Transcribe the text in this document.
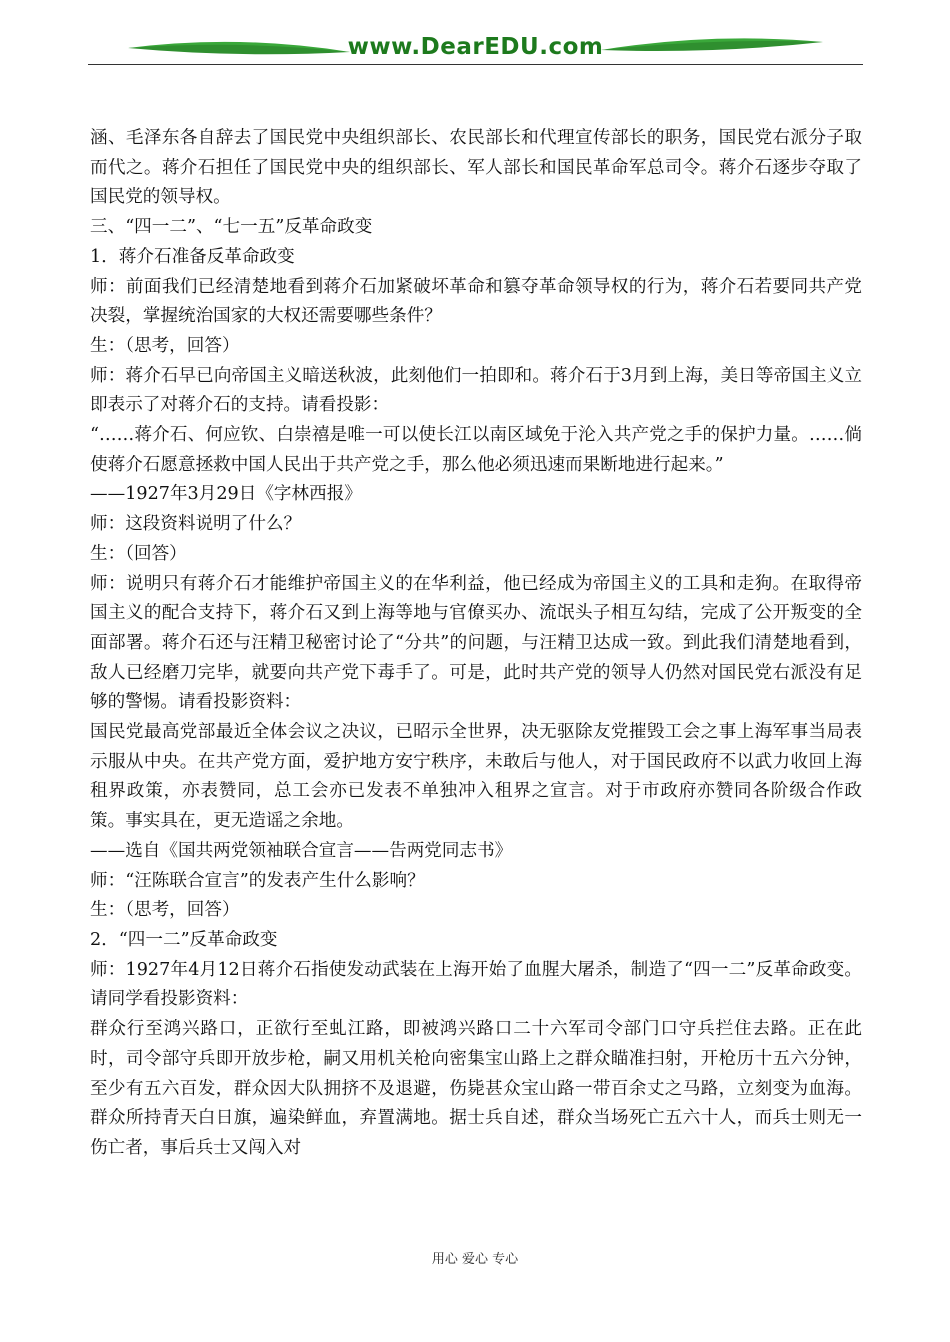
www.DearEDU.com

涵、毛泽东各自辞去了国民党中央组织部长、农民部长和代理宣传部长的职务，国民党右派分子取而代之。蒋介石担任了国民党中央的组织部长、军人部长和国民革命军总司令。蒋介石逐步夺取了国民党的领导权。

三、“四一二”、“七一五”反革命政变

1．蒋介石准备反革命政变

师：前面我们已经清楚地看到蒋介石加紧破坏革命和篡夺革命领导权的行为，蒋介石若要同共产党决裂，掌握统治国家的大权还需要哪些条件？

生：（思考，回答）

师：蒋介石早已向帝国主义暗送秋波，此刻他们一拍即和。蒋介石于3月到上海，美日等帝国主义立即表示了对蒋介石的支持。请看投影：

“……蒋介石、何应钦、白崇禧是唯一可以使长江以南区域免于沦入共产党之手的保护力量。……倘使蒋介石愿意拯救中国人民出于共产党之手，那么他必须迅速而果断地进行起来。”

——1927年3月29日《字林西报》

师：这段资料说明了什么？

生：（回答）

师：说明只有蒋介石才能维护帝国主义的在华利益，他已经成为帝国主义的工具和走狗。在取得帝国主义的配合支持下，蒋介石又到上海等地与官僚买办、流氓头子相互勾结，完成了公开叛变的全面部署。蒋介石还与汪精卫秘密讨论了“分共”的问题，与汪精卫达成一致。到此我们清楚地看到，敌人已经磨刀完毕，就要向共产党下毒手了。可是，此时共产党的领导人仍然对国民党右派没有足够的警惕。请看投影资料：

国民党最高党部最近全体会议之决议，已昭示全世界，决无驱除友党摧毁工会之事上海军事当局表示服从中央。在共产党方面，爱护地方安宁秩序，未敢后与他人，对于国民政府不以武力收回上海租界政策，亦表赞同，总工会亦已发表不单独冲入租界之宣言。对于市政府亦赞同各阶级合作政策。事实具在，更无造谣之余地。

——选自《国共两党领袖联合宣言——告两党同志书》

师：“汪陈联合宣言”的发表产生什么影响？

生：（思考，回答）

2．“四一二”反革命政变

师：1927年4月12日蒋介石指使发动武装在上海开始了血腥大屠杀，制造了“四一二”反革命政变。请同学看投影资料：

群众行至鸿兴路口，正欲行至虬江路，即被鸿兴路口二十六军司令部门口守兵拦住去路。正在此时，司令部守兵即开放步枪，嗣又用机关枪向密集宝山路上之群众瞄准扫射，开枪历十五六分钟，至少有五六百发，群众因大队拥挤不及退避，伤毙甚众宝山路一带百余丈之马路，立刻变为血海。群众所持青天白日旗，遍染鲜血，弃置满地。据士兵自述，群众当场死亡五六十人，而兵士则无一伤亡者，事后兵士又闯入对

用心 爱心 专心
